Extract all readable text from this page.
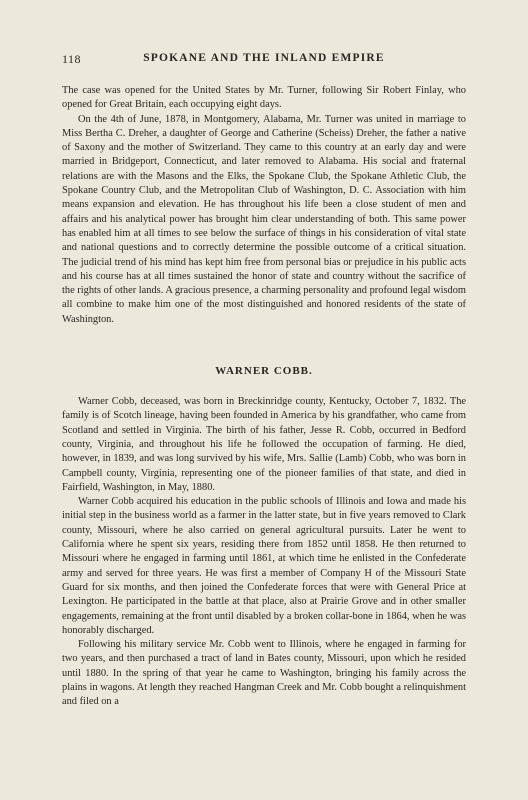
118	SPOKANE AND THE INLAND EMPIRE

The case was opened for the United States by Mr. Turner, following Sir Robert Finlay, who opened for Great Britain, each occupying eight days.

On the 4th of June, 1878, in Montgomery, Alabama, Mr. Turner was united in marriage to Miss Bertha C. Dreher, a daughter of George and Catherine (Scheiss) Dreher, the father a native of Saxony and the mother of Switzerland. They came to this country at an early day and were married in Bridgeport, Connecticut, and later removed to Alabama. His social and fraternal relations are with the Masons and the Elks, the Spokane Club, the Spokane Athletic Club, the Spokane Country Club, and the Metropolitan Club of Washington, D. C. Association with him means expansion and elevation. He has throughout his life been a close student of men and affairs and his analytical power has brought him clear understanding of both. This same power has enabled him at all times to see below the surface of things in his consideration of vital state and national questions and to correctly determine the possible outcome of a critical situation. The judicial trend of his mind has kept him free from personal bias or prejudice in his public acts and his course has at all times sustained the honor of state and country without the sacrifice of the rights of other lands. A gracious presence, a charming personality and profound legal wisdom all combine to make him one of the most distinguished and honored residents of the state of Washington.

WARNER COBB.

Warner Cobb, deceased, was born in Breckinridge county, Kentucky, October 7, 1832. The family is of Scotch lineage, having been founded in America by his grandfather, who came from Scotland and settled in Virginia. The birth of his father, Jesse R. Cobb, occurred in Bedford county, Virginia, and throughout his life he followed the occupation of farming. He died, however, in 1839, and was long survived by his wife, Mrs. Sallie (Lamb) Cobb, who was born in Campbell county, Virginia, representing one of the pioneer families of that state, and died in Fairfield, Washington, in May, 1880.

Warner Cobb acquired his education in the public schools of Illinois and Iowa and made his initial step in the business world as a farmer in the latter state, but in five years removed to Clark county, Missouri, where he also carried on general agricultural pursuits. Later he went to California where he spent six years, residing there from 1852 until 1858. He then returned to Missouri where he engaged in farming until 1861, at which time he enlisted in the Confederate army and served for three years. He was first a member of Company H of the Missouri State Guard for six months, and then joined the Confederate forces that were with General Price at Lexington. He participated in the battle at that place, also at Prairie Grove and in other smaller engagements, remaining at the front until disabled by a broken collar-bone in 1864, when he was honorably discharged.

Following his military service Mr. Cobb went to Illinois, where he engaged in farming for two years, and then purchased a tract of land in Bates county, Missouri, upon which he resided until 1880. In the spring of that year he came to Washington, bringing his family across the plains in wagons. At length they reached Hangman Creek and Mr. Cobb bought a relinquishment and filed on a
